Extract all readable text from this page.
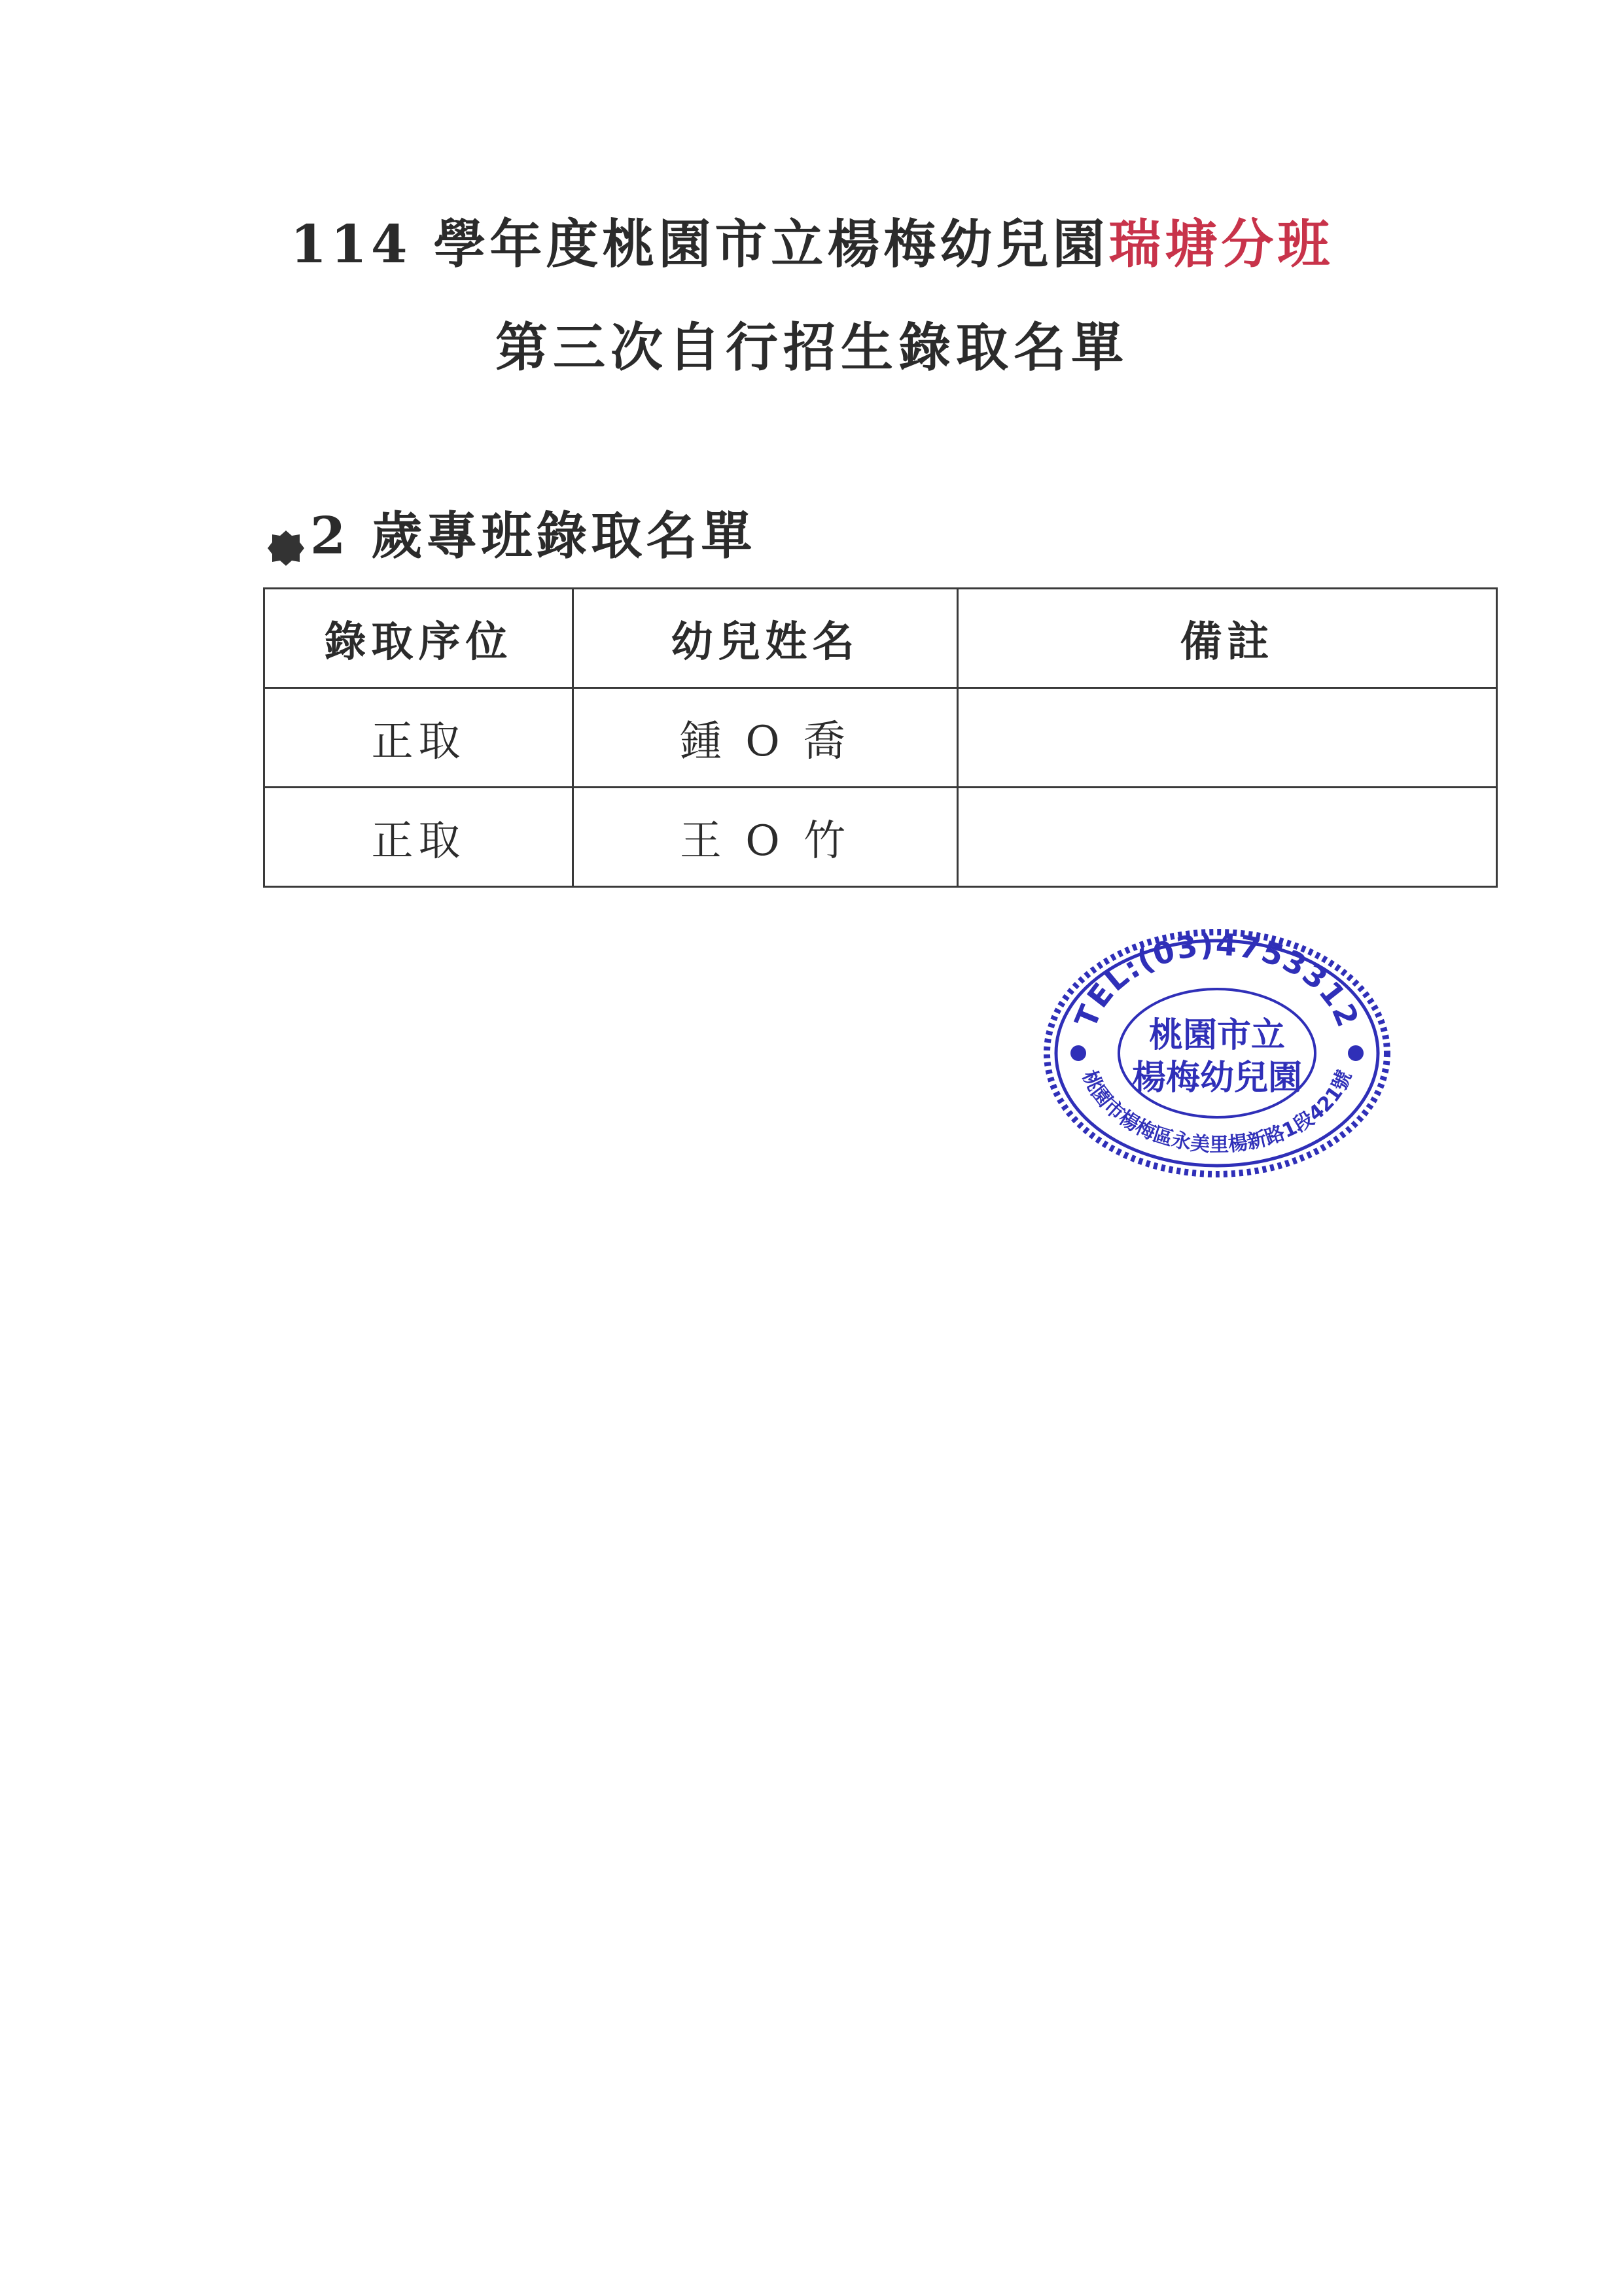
114 學年度桃園市立楊梅幼兒園瑞塘分班
第三次自行招生錄取名單
2 歲專班錄取名單
錄取序位	幼兒姓名	備註
正取	鍾 O 喬	
正取	王 O 竹	
TEL:(03)4753312
桃園市楊梅區永美里楊新路1段421號
桃園市立
楊梅幼兒園
